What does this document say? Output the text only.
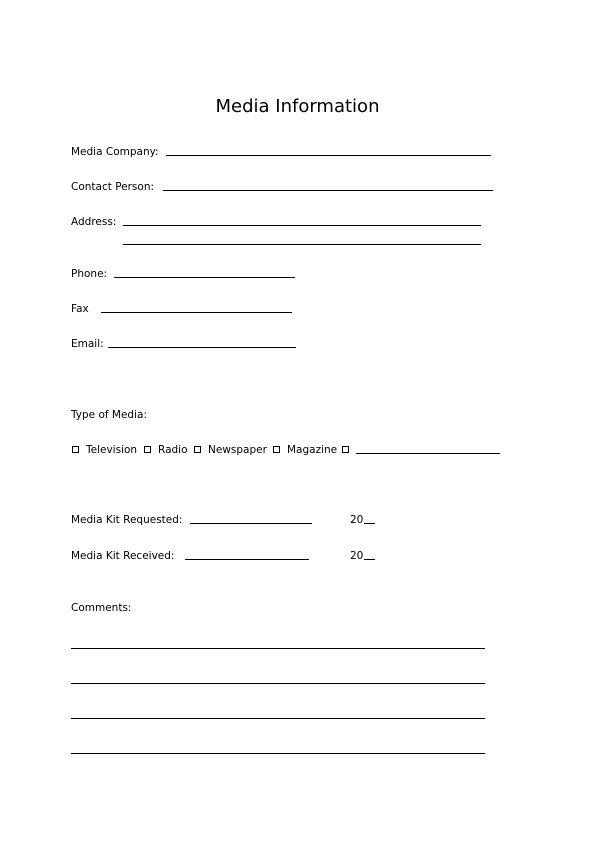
Media Information
Media Company:
Contact Person:
Address:
Phone:
Fax
Email:
Type of Media:
Television Radio Newspaper Magazine
Media Kit Requested:	20
Media Kit Received:	20
Comments:
